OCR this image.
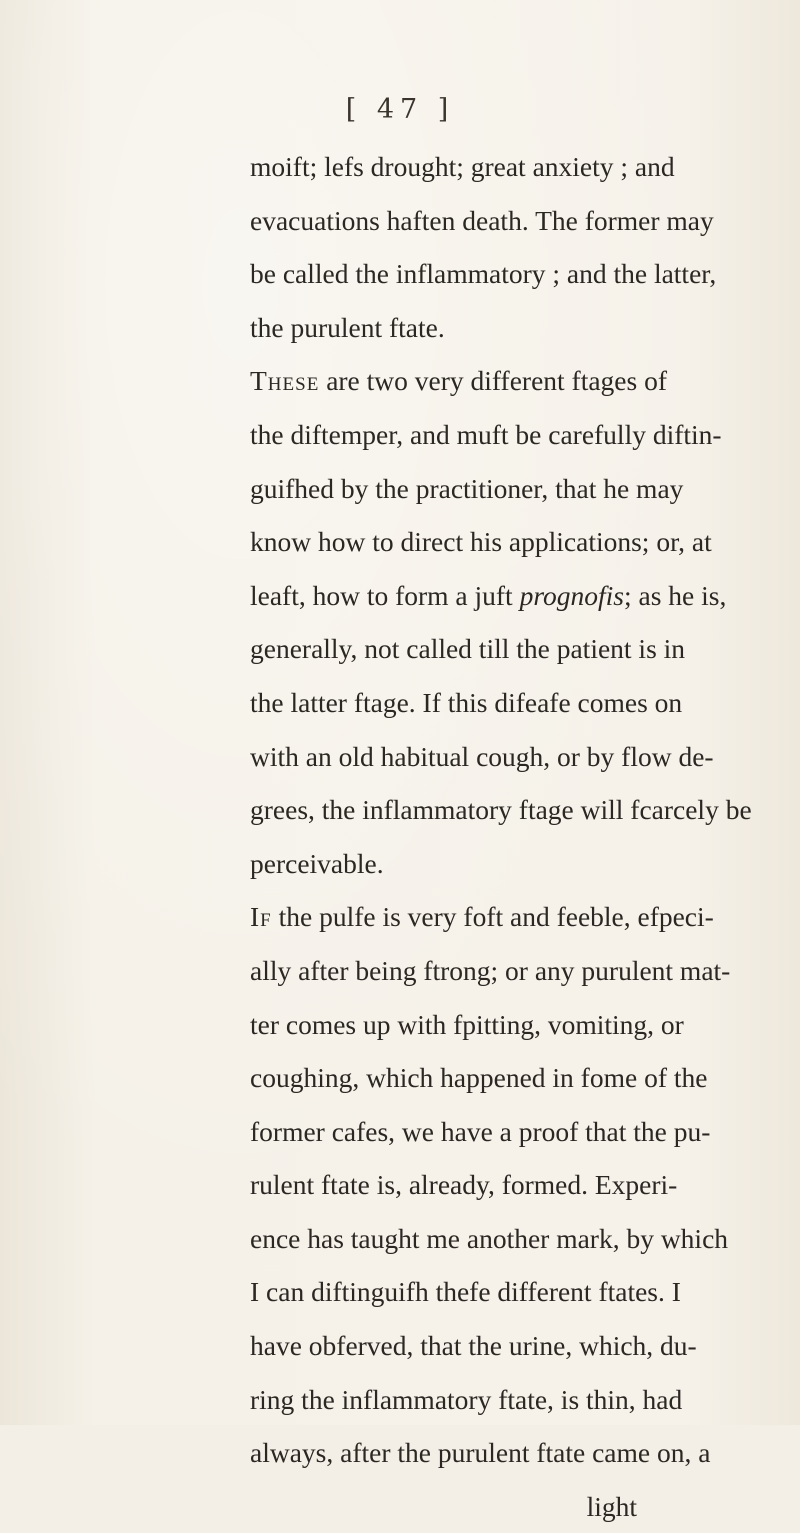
[ 47 ]
moift; lefs drought; great anxiety ; and
evacuations haften death. The former may
be called the inflammatory ; and the latter,
the purulent ftate.
These are two very different ftages of
the diftemper, and muft be carefully diftin-
guifhed by the practitioner, that he may
know how to direct his applications; or, at
leaft, how to form a juft prognofis; as he is,
generally, not called till the patient is in
the latter ftage. If this difeafe comes on
with an old habitual cough, or by flow de-
grees, the inflammatory ftage will fcarcely be
perceivable.
If the pulfe is very foft and feeble, efpeci-
ally after being ftrong; or any purulent mat-
ter comes up with fpitting, vomiting, or
coughing, which happened in fome of the
former cafes, we have a proof that the pu-
rulent ftate is, already, formed. Experi-
ence has taught me another mark, by which
I can diftinguifh thefe different ftates. I
have obferved, that the urine, which, du-
ring the inflammatory ftate, is thin, had
always, after the purulent ftate came on, a
light
